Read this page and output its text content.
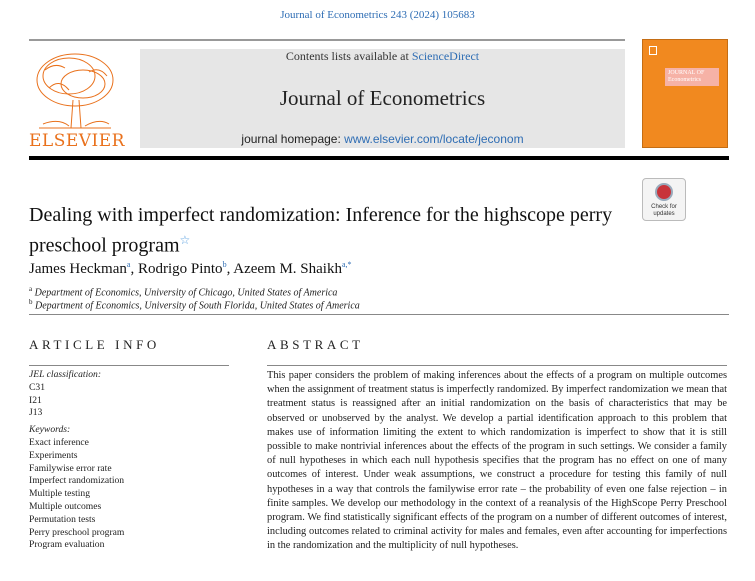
Journal of Econometrics 243 (2024) 105683
ELSEVIER
Contents lists available at ScienceDirect
Journal of Econometrics
journal homepage: www.elsevier.com/locate/jeconom
JOURNAL OF Econometrics
Check for
updates
Dealing with imperfect randomization: Inference for the highscope perry preschool program☆
James Heckman$^a$, Rodrigo Pinto$^b$, Azeem M. Shaikh$^{a,*}$
$^a$ Department of Economics, University of Chicago, United States of America
$^b$ Department of Economics, University of South Florida, United States of America
ARTICLE INFO	ABSTRACT
JEL classification:
C31
I21
J13
Keywords:
Exact inference
Experiments
Familywise error rate
Imperfect randomization
Multiple testing
Multiple outcomes
Permutation tests
Perry preschool program
Program evaluation
This paper considers the problem of making inferences about the effects of a program on multiple outcomes when the assignment of treatment status is imperfectly randomized. By imperfect randomization we mean that treatment status is reassigned after an initial randomization on the basis of characteristics that may be observed or unobserved by the analyst. We develop a partial identification approach to this problem that makes use of information limiting the extent to which randomization is imperfect to show that it is still possible to make nontrivial inferences about the effects of the program in such settings. We consider a family of null hypotheses in which each null hypothesis specifies that the program has no effect on one of many outcomes of interest. Under weak assumptions, we construct a procedure for testing this family of null hypotheses in a way that controls the familywise error rate – the probability of even one false rejection – in finite samples. We develop our methodology in the context of a reanalysis of the HighScope Perry Preschool program. We find statistically significant effects of the program on a number of different outcomes of interest, including outcomes related to criminal activity for males and females, even after accounting for imperfections in the randomization and the multiplicity of null hypotheses.
